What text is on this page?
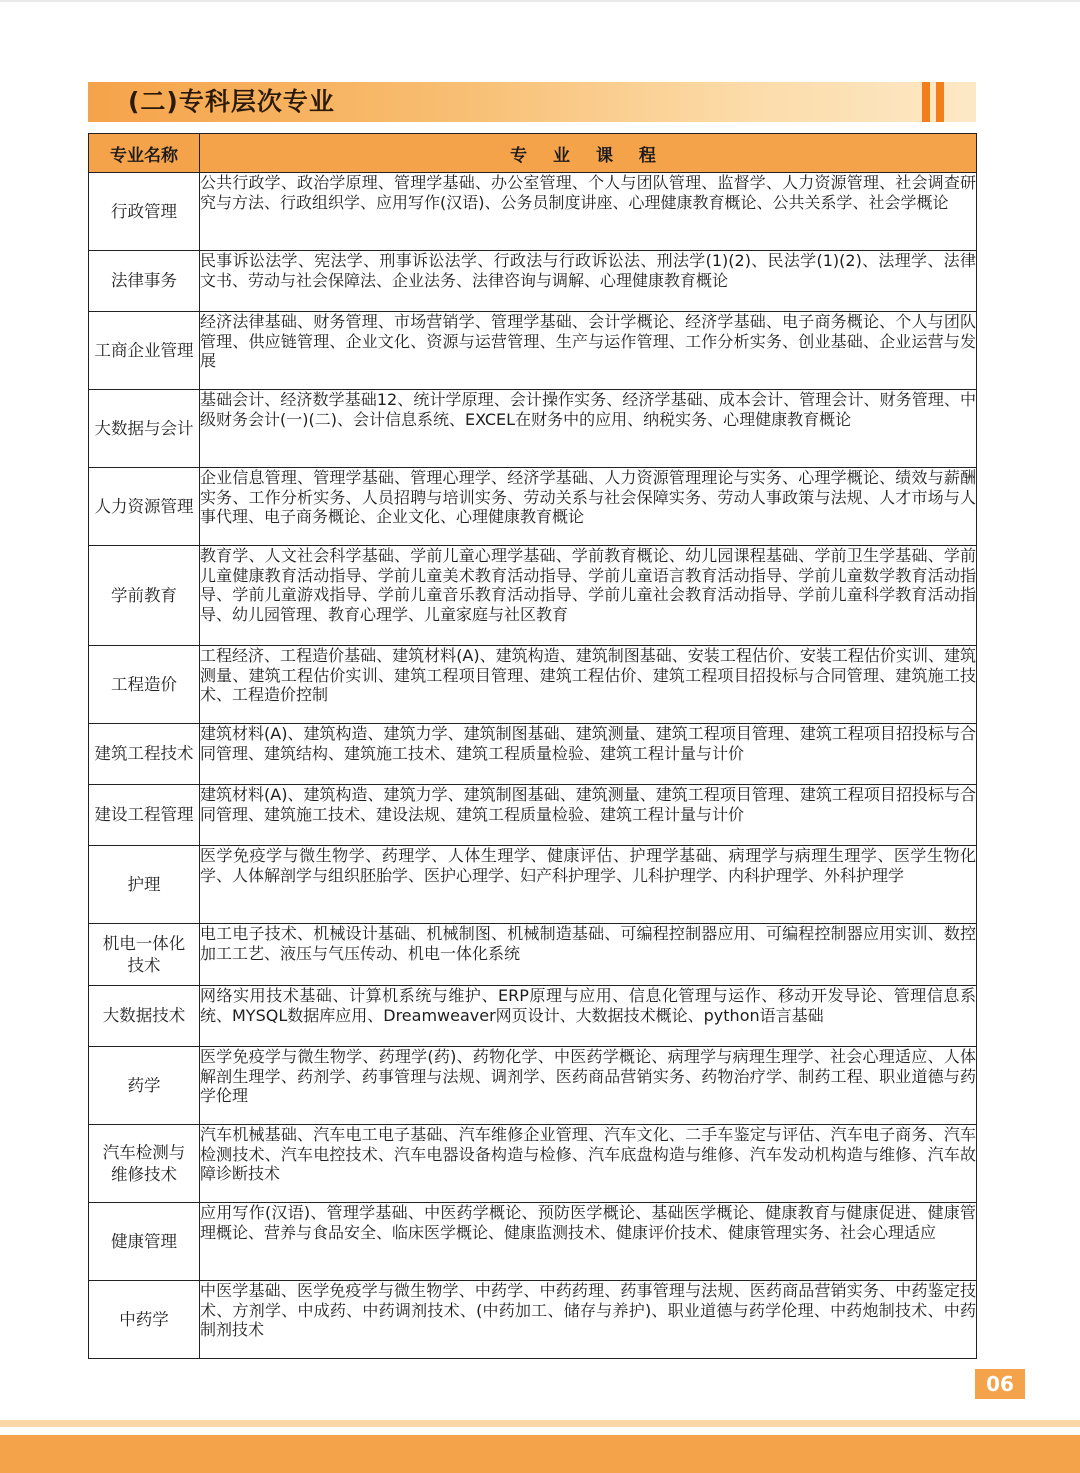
(二)专科层次专业
专业名称	专 业 课 程
行政管理	公共行政学、政治学原理、管理学基础、办公室管理、个人与团队管理、监督学、人力资源管理、社会调查研究与方法、行政组织学、应用写作(汉语)、公务员制度讲座、心理健康教育概论、公共关系学、社会学概论
法律事务	民事诉讼法学、宪法学、刑事诉讼法学、行政法与行政诉讼法、刑法学(1)(2)、民法学(1)(2)、法理学、法律文书、劳动与社会保障法、企业法务、法律咨询与调解、心理健康教育概论
工商企业管理	经济法律基础、财务管理、市场营销学、管理学基础、会计学概论、经济学基础、电子商务概论、个人与团队管理、供应链管理、企业文化、资源与运营管理、生产与运作管理、工作分析实务、创业基础、企业运营与发展
大数据与会计	基础会计、经济数学基础12、统计学原理、会计操作实务、经济学基础、成本会计、管理会计、财务管理、中级财务会计(一)(二)、会计信息系统、EXCEL在财务中的应用、纳税实务、心理健康教育概论
人力资源管理	企业信息管理、管理学基础、管理心理学、经济学基础、人力资源管理理论与实务、心理学概论、绩效与薪酬实务、工作分析实务、人员招聘与培训实务、劳动关系与社会保障实务、劳动人事政策与法规、人才市场与人事代理、电子商务概论、企业文化、心理健康教育概论
学前教育	教育学、人文社会科学基础、学前儿童心理学基础、学前教育概论、幼儿园课程基础、学前卫生学基础、学前儿童健康教育活动指导、学前儿童美术教育活动指导、学前儿童语言教育活动指导、学前儿童数学教育活动指导、学前儿童游戏指导、学前儿童音乐教育活动指导、学前儿童社会教育活动指导、学前儿童科学教育活动指导、幼儿园管理、教育心理学、儿童家庭与社区教育
工程造价	工程经济、工程造价基础、建筑材料(A)、建筑构造、建筑制图基础、安装工程估价、安装工程估价实训、建筑测量、建筑工程估价实训、建筑工程项目管理、建筑工程估价、建筑工程项目招投标与合同管理、建筑施工技术、工程造价控制
建筑工程技术	建筑材料(A)、建筑构造、建筑力学、建筑制图基础、建筑测量、建筑工程项目管理、建筑工程项目招投标与合同管理、建筑结构、建筑施工技术、建筑工程质量检验、建筑工程计量与计价
建设工程管理	建筑材料(A)、建筑构造、建筑力学、建筑制图基础、建筑测量、建筑工程项目管理、建筑工程项目招投标与合同管理、建筑施工技术、建设法规、建筑工程质量检验、建筑工程计量与计价
护理	医学免疫学与微生物学、药理学、人体生理学、健康评估、护理学基础、病理学与病理生理学、医学生物化学、人体解剖学与组织胚胎学、医护心理学、妇产科护理学、儿科护理学、内科护理学、外科护理学

机电一体化技术	电工电子技术、机械设计基础、机械制图、机械制造基础、可编程控制器应用、可编程控制器应用实训、数控加工工艺、液压与气压传动、机电一体化系统
大数据技术	网络实用技术基础、计算机系统与维护、ERP原理与应用、信息化管理与运作、移动开发导论、管理信息系统、MYSQL数据库应用、Dreamweaver网页设计、大数据技术概论、python语言基础
药学	医学免疫学与微生物学、药理学(药)、药物化学、中医药学概论、病理学与病理生理学、社会心理适应、人体解剖生理学、药剂学、药事管理与法规、调剂学、医药商品营销实务、药物治疗学、制药工程、职业道德与药学伦理

汽车检测与维修技术	汽车机械基础、汽车电工电子基础、汽车维修企业管理、汽车文化、二手车鉴定与评估、汽车电子商务、汽车检测技术、汽车电控技术、汽车电器设备构造与检修、汽车底盘构造与维修、汽车发动机构造与维修、汽车故障诊断技术
健康管理	应用写作(汉语)、管理学基础、中医药学概论、预防医学概论、基础医学概论、健康教育与健康促进、健康管理概论、营养与食品安全、临床医学概论、健康监测技术、健康评价技术、健康管理实务、社会心理适应
中药学	中医学基础、医学免疫学与微生物学、中药学、中药药理、药事管理与法规、医药商品营销实务、中药鉴定技术、方剂学、中成药、中药调剂技术、(中药加工、储存与养护)、职业道德与药学伦理、中药炮制技术、中药制剂技术
06
